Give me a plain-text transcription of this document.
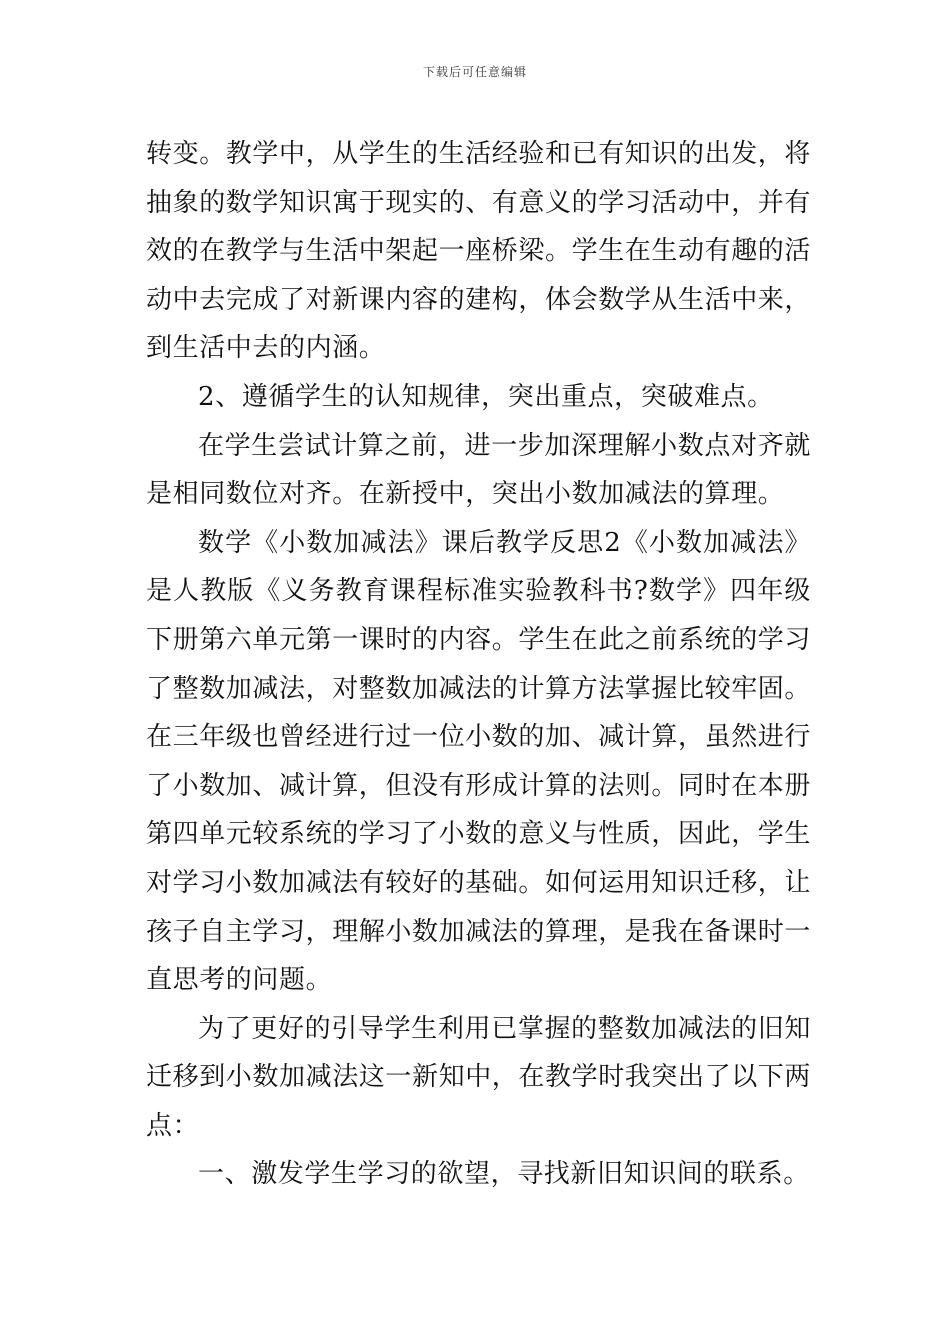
下载后可任意编辑

转变。教学中，从学生的生活经验和已有知识的出发，将抽象的数学知识寓于现实的、有意义的学习活动中，并有效的在教学与生活中架起一座桥梁。学生在生动有趣的活动中去完成了对新课内容的建构，体会数学从生活中来，到生活中去的内涵。

2、遵循学生的认知规律，突出重点，突破难点。

在学生尝试计算之前，进一步加深理解小数点对齐就是相同数位对齐。在新授中，突出小数加减法的算理。

数学《小数加减法》课后教学反思2《小数加减法》是人教版《义务教育课程标准实验教科书?数学》四年级下册第六单元第一课时的内容。学生在此之前系统的学习了整数加减法，对整数加减法的计算方法掌握比较牢固。在三年级也曾经进行过一位小数的加、减计算，虽然进行了小数加、减计算，但没有形成计算的法则。同时在本册第四单元较系统的学习了小数的意义与性质，因此，学生对学习小数加减法有较好的基础。如何运用知识迁移，让孩子自主学习，理解小数加减法的算理，是我在备课时一直思考的问题。

为了更好的引导学生利用已掌握的整数加减法的旧知迁移到小数加减法这一新知中，在教学时我突出了以下两点：

一、激发学生学习的欲望，寻找新旧知识间的联系。
